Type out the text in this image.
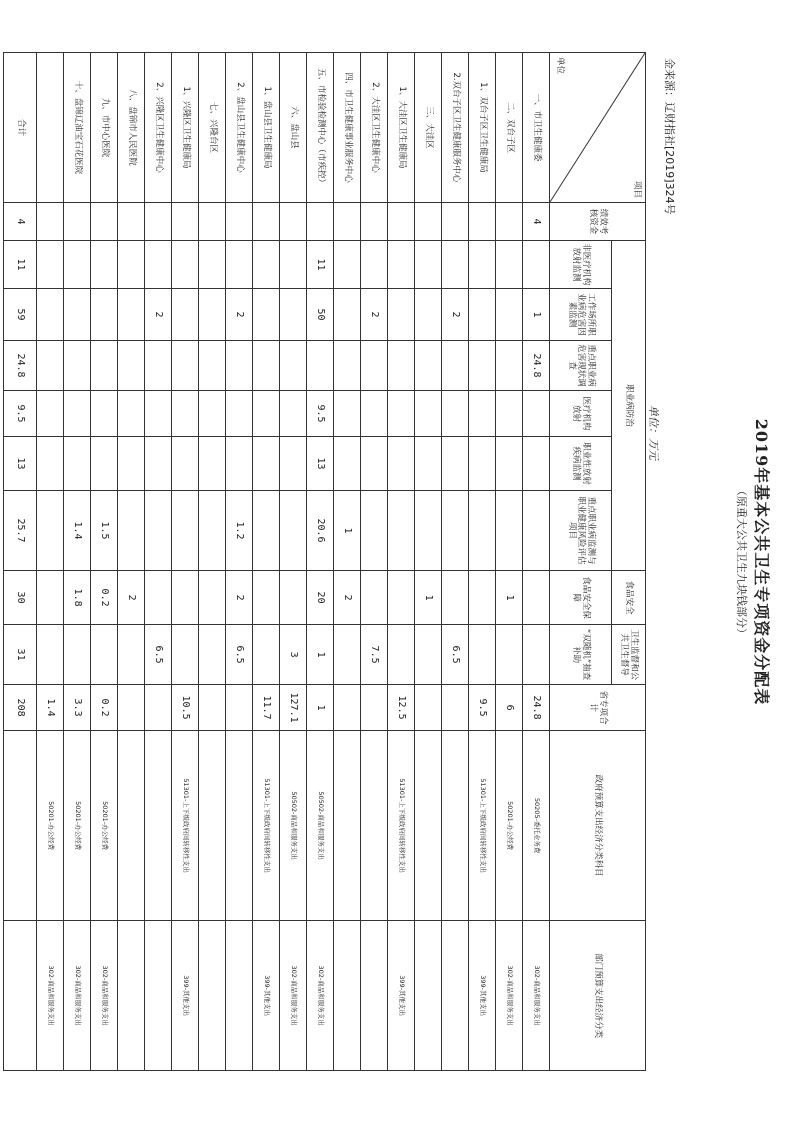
2019年基本公共卫生专项资金分配表
（原重大公共卫生九块钱部分）
金来源：辽财指社[2019]324号
单位：万元
项目
单位	绩效考核资金	职业病防治						食品安全	卫生监督和公共卫生督导	省专项合计	政府预算支出经济分类科目	部门预算支出经济分类
		非医疗机构放射监测	工作场所职业病危害因素监测	重点职业病危害现状调查	医疗机构放射	职业性放射疾病监测	重点职业病监测与职业健康风险评估项目	食品安全保障	“双随机”抽查补助			
一、市卫生健康委	4		1	24.8						24.8	50205-委托业务费	302-商品和服务支出
二、双台子区								1		6	50201-办公经费	302-商品和服务支出
1、双台子区卫生健康局										9.5	51301-上下级政府间转移性支出	399-其他支出
2.双台子区卫生健康服务中心			2						6.5			
三、大洼区								1				
1、大洼区卫生健康局										12.5	51301-上下级政府间转移性支出	399-其他支出
2、大洼区卫生健康中心			2						7.5			
四、市卫生健康事业服务中心							1	2				
五、市检验检测中心（市疾控）		11	50		9.5	13	20.6	20	1	1	50502-商品和服务支出	302-商品和服务支出
六、盘山县									3	127.1	50502-商品和服务支出	302-商品和服务支出
1、盘山县卫生健康局										11.7	51301-上下级政府间转移性支出	399-其他支出
2、盘山县卫生健康中心			2				1.2	2	6.5			
七、兴隆台区												
1、兴隆区卫生健康局										10.5	51301-上下级政府间转移性支出	399-其他支出
2、兴隆区卫生健康中心			2						6.5			
八、盘锦市人民医院								2				
九、市中心医院							1.5	0.2		0.2	50201-办公经费	302-商品和服务支出
十、盘锦辽油宝石花医院							1.4	1.8		3.3	50201-办公经费	302-商品和服务支出
										1.4	50201-办公经费	302-商品和服务支出
合计	4	11	59	24.8	9.5	13	25.7	30	31	208		
